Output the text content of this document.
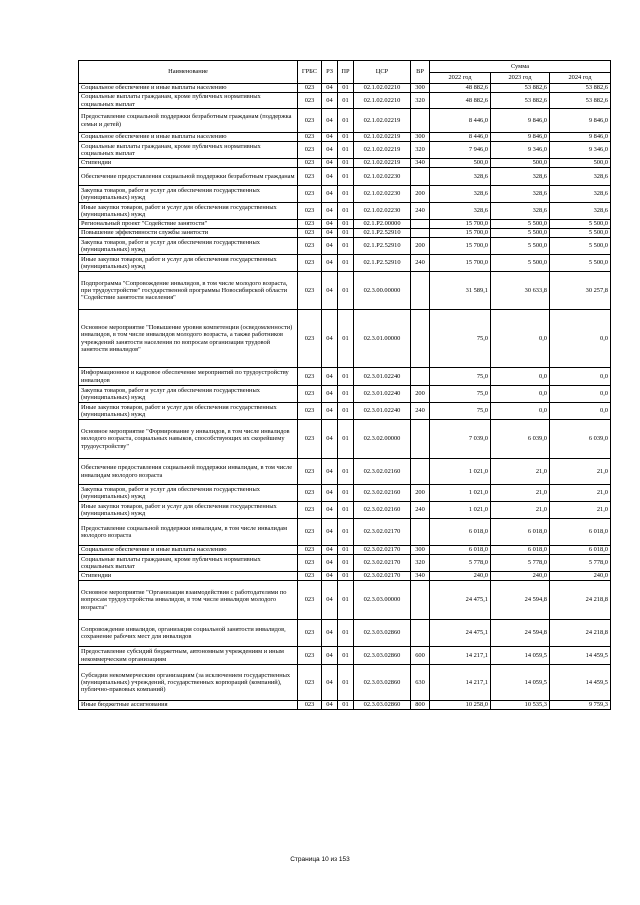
Наименование	ГРБС	РЗ	ПР	ЦСР	ВР	Сумма		
						2022 год	2023 год	2024 год
Социальное обеспечение и иные выплаты населению	023	04	01	02.1.02.02210	300	48 882,6	53 882,6	53 882,6
Социальные выплаты гражданам, кроме публичных нормативных социальных выплат	023	04	01	02.1.02.02210	320	48 882,6	53 882,6	53 882,6
Предоставление социальной поддержки безработным гражданам (поддержка семьи и детей)	023	04	01	02.1.02.02219		8 446,0	9 846,0	9 846,0
Социальное обеспечение и иные выплаты населению	023	04	01	02.1.02.02219	300	8 446,0	9 846,0	9 846,0
Социальные выплаты гражданам, кроме публичных нормативных социальных выплат	023	04	01	02.1.02.02219	320	7 946,0	9 346,0	9 346,0
Стипендии	023	04	01	02.1.02.02219	340	500,0	500,0	500,0
Обеспечение предоставления социальной поддержки безработным гражданам	023	04	01	02.1.02.02230		328,6	328,6	328,6
Закупка товаров, работ и услуг для обеспечения государственных (муниципальных) нужд	023	04	01	02.1.02.02230	200	328,6	328,6	328,6
Иные закупки товаров, работ и услуг для обеспечения государственных (муниципальных) нужд	023	04	01	02.1.02.02230	240	328,6	328,6	328,6
Региональный проект "Содействие занятости"	023	04	01	02.1.P2.00000		15 700,0	5 500,0	5 500,0
Повышение эффективности службы занятости	023	04	01	02.1.P2.52910		15 700,0	5 500,0	5 500,0
Закупка товаров, работ и услуг для обеспечения государственных (муниципальных) нужд	023	04	01	02.1.P2.52910	200	15 700,0	5 500,0	5 500,0
Иные закупки товаров, работ и услуг для обеспечения государственных (муниципальных) нужд	023	04	01	02.1.P2.52910	240	15 700,0	5 500,0	5 500,0
Подпрограмма "Сопровождение инвалидов, в том числе молодого возраста, при трудоустройстве" государственной программы Новосибирской области "Содействие занятости населения"	023	04	01	02.3.00.00000		31 589,1	30 633,8	30 257,8
Основное мероприятие "Повышение уровня компетенции (осведомленности) инвалидов, в том числе инвалидов молодого возраста, а также работников учреждений занятости населения по вопросам организации трудовой занятости инвалидов"	023	04	01	02.3.01.00000		75,0	0,0	0,0
Информационное и кадровое обеспечение мероприятий по трудоустройству инвалидов	023	04	01	02.3.01.02240		75,0	0,0	0,0
Закупка товаров, работ и услуг для обеспечения государственных (муниципальных) нужд	023	04	01	02.3.01.02240	200	75,0	0,0	0,0
Иные закупки товаров, работ и услуг для обеспечения государственных (муниципальных) нужд	023	04	01	02.3.01.02240	240	75,0	0,0	0,0
Основное мероприятие "Формирование у инвалидов, в том числе инвалидов молодого возраста, социальных навыков, способствующих их скорейшему трудоустройству"	023	04	01	02.3.02.00000		7 039,0	6 039,0	6 039,0
Обеспечение предоставления социальной поддержки инвалидам, в том числе инвалидам молодого возраста	023	04	01	02.3.02.02160		1 021,0	21,0	21,0
Закупка товаров, работ и услуг для обеспечения государственных (муниципальных) нужд	023	04	01	02.3.02.02160	200	1 021,0	21,0	21,0
Иные закупки товаров, работ и услуг для обеспечения государственных (муниципальных) нужд	023	04	01	02.3.02.02160	240	1 021,0	21,0	21,0
Предоставление социальной поддержки инвалидам, в том числе инвалидам молодого возраста	023	04	01	02.3.02.02170		6 018,0	6 018,0	6 018,0
Социальное обеспечение и иные выплаты населению	023	04	01	02.3.02.02170	300	6 018,0	6 018,0	6 018,0
Социальные выплаты гражданам, кроме публичных нормативных социальных выплат	023	04	01	02.3.02.02170	320	5 778,0	5 778,0	5 778,0
Стипендии	023	04	01	02.3.02.02170	340	240,0	240,0	240,0
Основное мероприятие "Организация взаимодействия с работодателями по вопросам трудоустройства инвалидов, в том числе инвалидов молодого возраста"	023	04	01	02.3.03.00000		24 475,1	24 594,8	24 218,8
Сопровождение инвалидов, организация социальной занятости инвалидов, сохранение рабочих мест для инвалидов	023	04	01	02.3.03.02860		24 475,1	24 594,8	24 218,8
Предоставление субсидий бюджетным, автономным учреждениям и иным некоммерческим организациям	023	04	01	02.3.03.02860	600	14 217,1	14 059,5	14 459,5
Субсидии некоммерческим организациям (за исключением государственных (муниципальных) учреждений, государственных корпораций (компаний), публично-правовых компаний)	023	04	01	02.3.03.02860	630	14 217,1	14 059,5	14 459,5
Иные бюджетные ассигнования	023	04	01	02.3.03.02860	800	10 258,0	10 535,3	9 759,3
Страница 10 из 153
